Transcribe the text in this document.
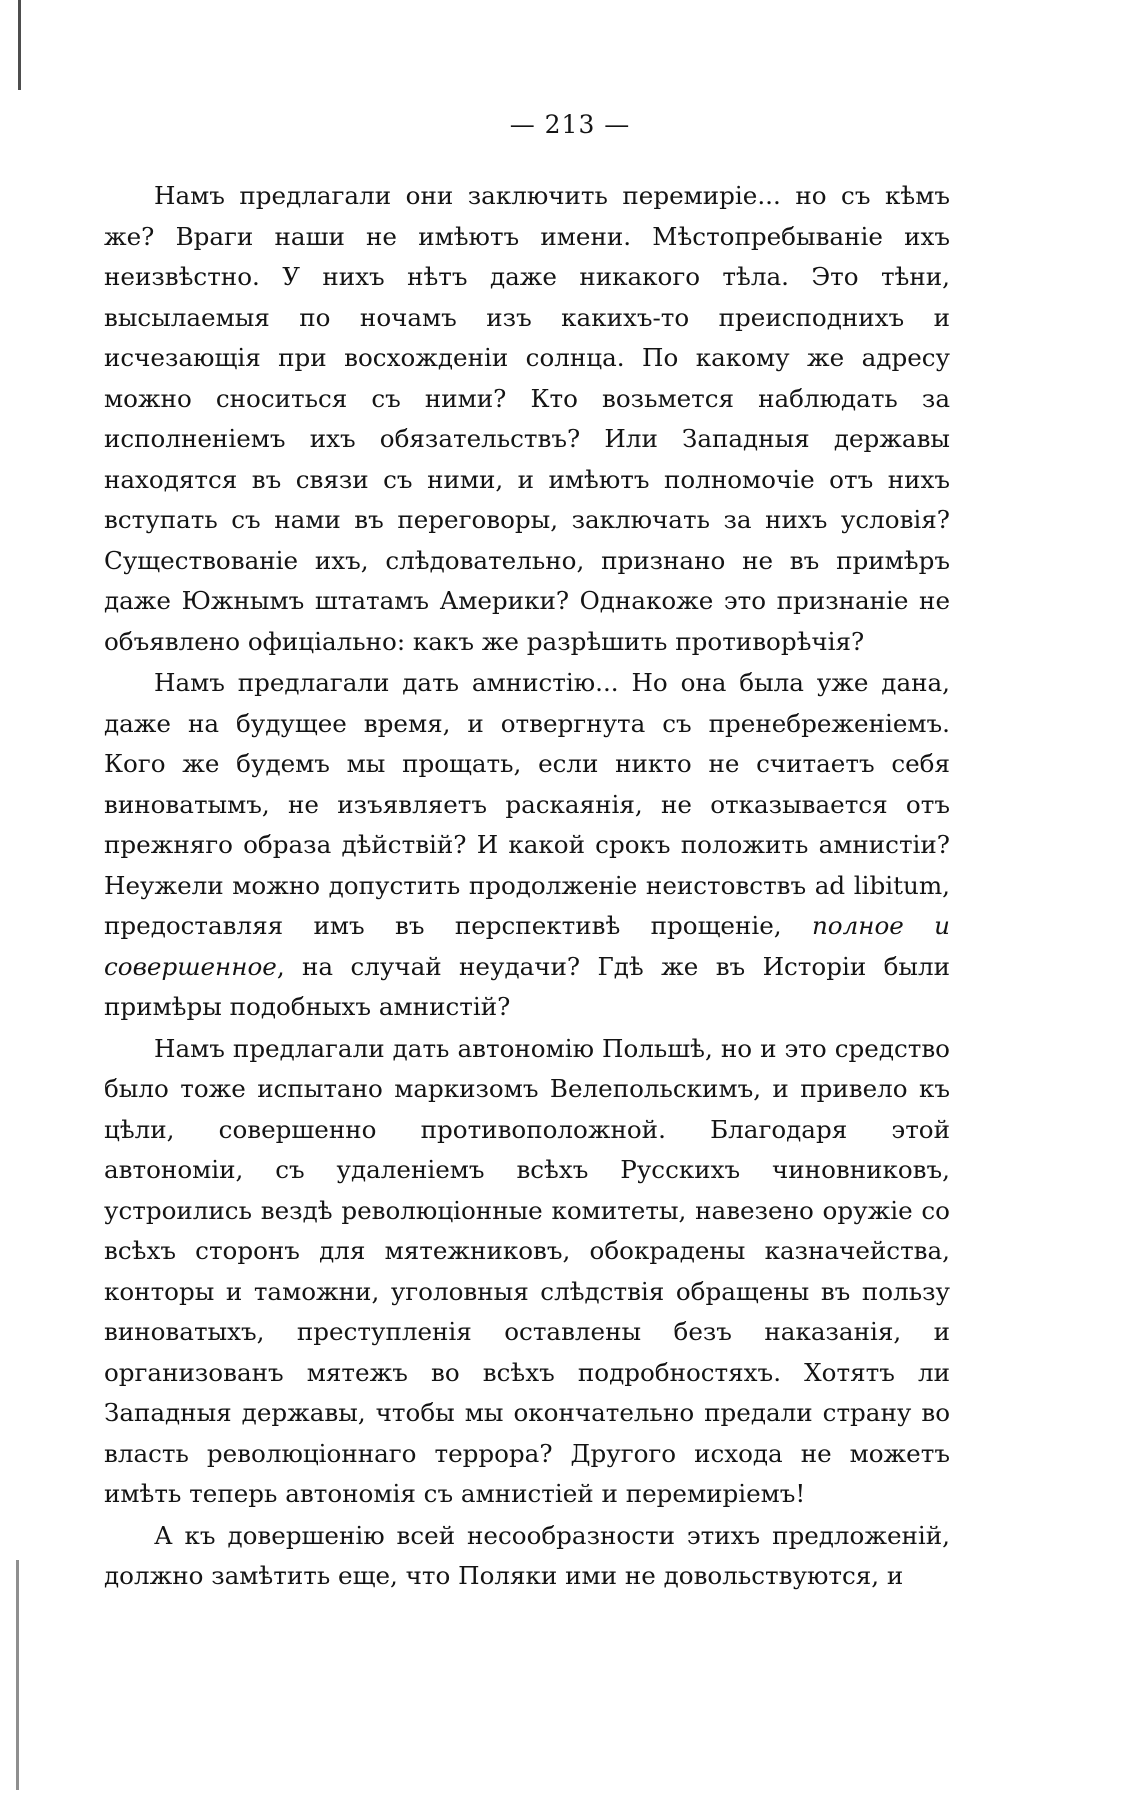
— 213 —

Намъ предлагали они заключить перемиріе... но съ кѣмъ же? Враги наши не имѣютъ имени. Мѣстопребываніе ихъ неизвѣстно. У нихъ нѣтъ даже никакого тѣла. Это тѣни, высылаемыя по ночамъ изъ какихъ-то преисподнихъ и исчезающія при восхожденіи солнца. По какому же адресу можно сноситься съ ними? Кто возьмется наблюдать за исполненіемъ ихъ обязательствъ? Или Западныя державы находятся въ связи съ ними, и имѣютъ полномочіе отъ нихъ вступать съ нами въ переговоры, заключать за нихъ условія? Существованіе ихъ, слѣдовательно, признано не въ примѣръ даже Южнымъ штатамъ Америки? Однакоже это признаніе не объявлено офиціально: какъ же разрѣшить противорѣчія?

Намъ предлагали дать амнистію... Но она была уже дана, даже на будущее время, и отвергнута съ пренебреженіемъ. Кого же будемъ мы прощать, если никто не считаетъ себя виноватымъ, не изъявляетъ раскаянія, не отказывается отъ прежняго образа дѣйствій? И какой срокъ положить амнистіи? Неужели можно допустить продолженіе неистовствъ ad libitum, предоставляя имъ въ перспективѣ прощеніе, полное и совершенное, на случай неудачи? Гдѣ же въ Исторіи были примѣры подобныхъ амнистій?

Намъ предлагали дать автономію Польшѣ, но и это средство было тоже испытано маркизомъ Велепольскимъ, и привело къ цѣли, совершенно противоположной. Благодаря этой автономіи, съ удаленіемъ всѣхъ Русскихъ чиновниковъ, устроились вездѣ революціонные комитеты, навезено оружіе со всѣхъ сторонъ для мятежниковъ, обокрадены казначейства, конторы и таможни, уголовныя слѣдствія обращены въ пользу виноватыхъ, преступленія оставлены безъ наказанія, и организованъ мятежъ во всѣхъ подробностяхъ. Хотятъ ли Западныя державы, чтобы мы окончательно предали страну во власть революціоннаго террора? Другого исхода не можетъ имѣть теперь автономія съ амнистіей и перемиріемъ!

А къ довершенію всей несообразности этихъ предложеній, должно замѣтить еще, что Поляки ими не довольствуются, и
